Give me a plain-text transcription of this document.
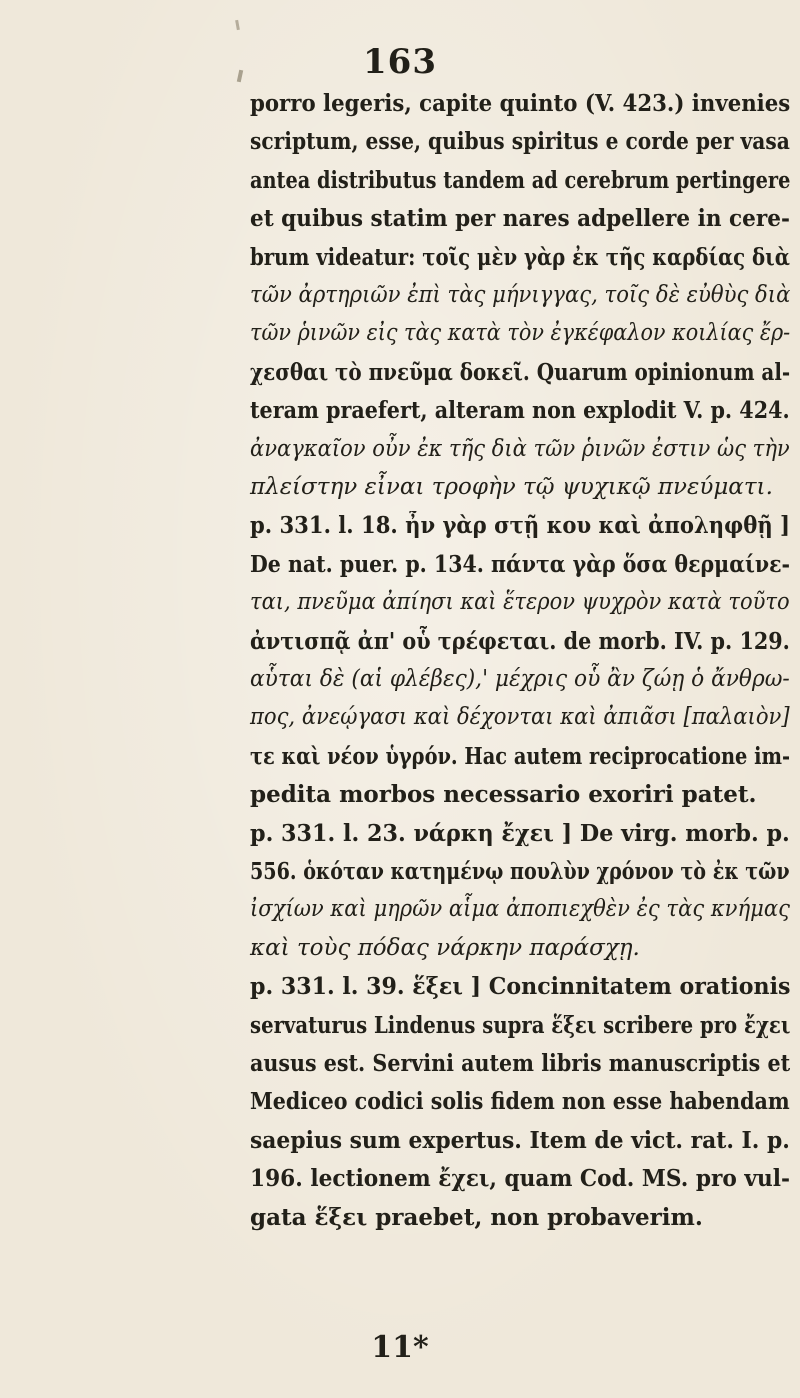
163
porro legeris, capite quinto (V. 423.) invenies
scriptum, esse, quibus spiritus e corde per vasa
antea distributus tandem ad cerebrum pertingere
et quibus statim per nares adpellere in cere-
brum videatur: τοῖς μὲν γὰρ ἐκ τῆς καρδίας διὰ
τῶν ἀρτηριῶν ἐπὶ τὰς μήνιγγας, τοῖς δὲ εὐθὺς διὰ
τῶν ῥινῶν εἰς τὰς κατὰ τὸν ἐγκέφαλον κοιλίας ἔρ-
χεσθαι τὸ πνεῦμα δοκεῖ. Quarum opinionum al-
teram praefert, alteram non explodit V. p. 424.
ἀναγκαῖον οὖν ἐκ τῆς διὰ τῶν ῥινῶν ἐστιν ὡς τὴν
πλείστην εἶναι τροφὴν τῷ ψυχικῷ πνεύματι.
p. 331. l. 18. ἦν γὰρ στῇ κου καὶ ἀποληφθῇ ]
De nat. puer. p. 134. πάντα γὰρ ὅσα θερμαίνε-
ται, πνεῦμα ἀπίησι καὶ ἕτερον ψυχρὸν κατὰ τοῦτο
ἀντισπᾷ ἀπ' οὗ τρέφεται. de morb. IV. p. 129.
αὗται δὲ (αἱ φλέβες),' μέχρις οὗ ἂν ζώῃ ὁ ἄνθρω-
πος, ἀνεῴγασι καὶ δέχονται καὶ ἀπιᾶσι [παλαιὸν]
τε καὶ νέον ὑγρόν. Hac autem reciprocatione im-
pedita morbos necessario exoriri patet.
p. 331. l. 23. νάρκη ἔχει ] De virg. morb. p.
556. ὁκόταν κατημένῳ πουλὺν χρόνον τὸ ἐκ τῶν
ἰσχίων καὶ μηρῶν αἷμα ἀποπιεχθὲν ἐς τὰς κνήμας
καὶ τοὺς πόδας νάρκην παράσχῃ.
p. 331. l. 39. ἕξει ] Concinnitatem orationis
servaturus Lindenus supra ἕξει scribere pro ἔχει
ausus est. Servini autem libris manuscriptis et
Mediceo codici solis fidem non esse habendam
saepius sum expertus. Item de vict. rat. I. p.
196. lectionem ἔχει, quam Cod. MS. pro vul-
gata ἕξει praebet, non probaverim.
11*
